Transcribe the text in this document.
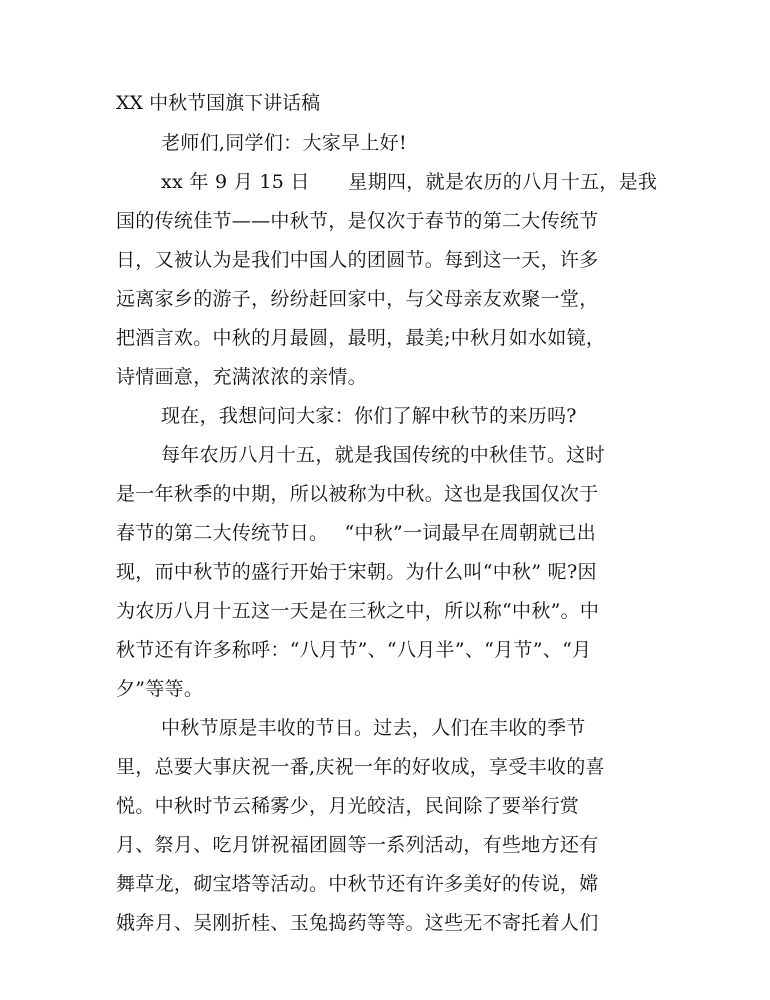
XX 中秋节国旗下讲话稿
老师们,同学们：大家早上好!
xx 年 9 月 15 日　　星期四，就是农历的八月十五，是我
国的传统佳节——中秋节，是仅次于春节的第二大传统节
日，又被认为是我们中国人的团圆节。每到这一天，许多
远离家乡的游子，纷纷赶回家中，与父母亲友欢聚一堂，
把酒言欢。中秋的月最圆，最明，最美;中秋月如水如镜，
诗情画意，充满浓浓的亲情。
现在，我想问问大家：你们了解中秋节的来历吗?
每年农历八月十五，就是我国传统的中秋佳节。这时
是一年秋季的中期，所以被称为中秋。这也是我国仅次于
春节的第二大传统节日。　 “中秋”一词最早在周朝就已出
现，而中秋节的盛行开始于宋朝。为什么叫“中秋” 呢?因
为农历八月十五这一天是在三秋之中，所以称“中秋”。中
秋节还有许多称呼：“八月节”、“八月半”、“月节”、“月
夕”等等。
中秋节原是丰收的节日。过去，人们在丰收的季节
里，总要大事庆祝一番,庆祝一年的好收成，享受丰收的喜
悦。中秋时节云稀雾少，月光皎洁，民间除了要举行赏
月、祭月、吃月饼祝福团圆等一系列活动，有些地方还有
舞草龙，砌宝塔等活动。中秋节还有许多美好的传说，嫦
娥奔月、吴刚折桂、玉兔捣药等等。这些无不寄托着人们
